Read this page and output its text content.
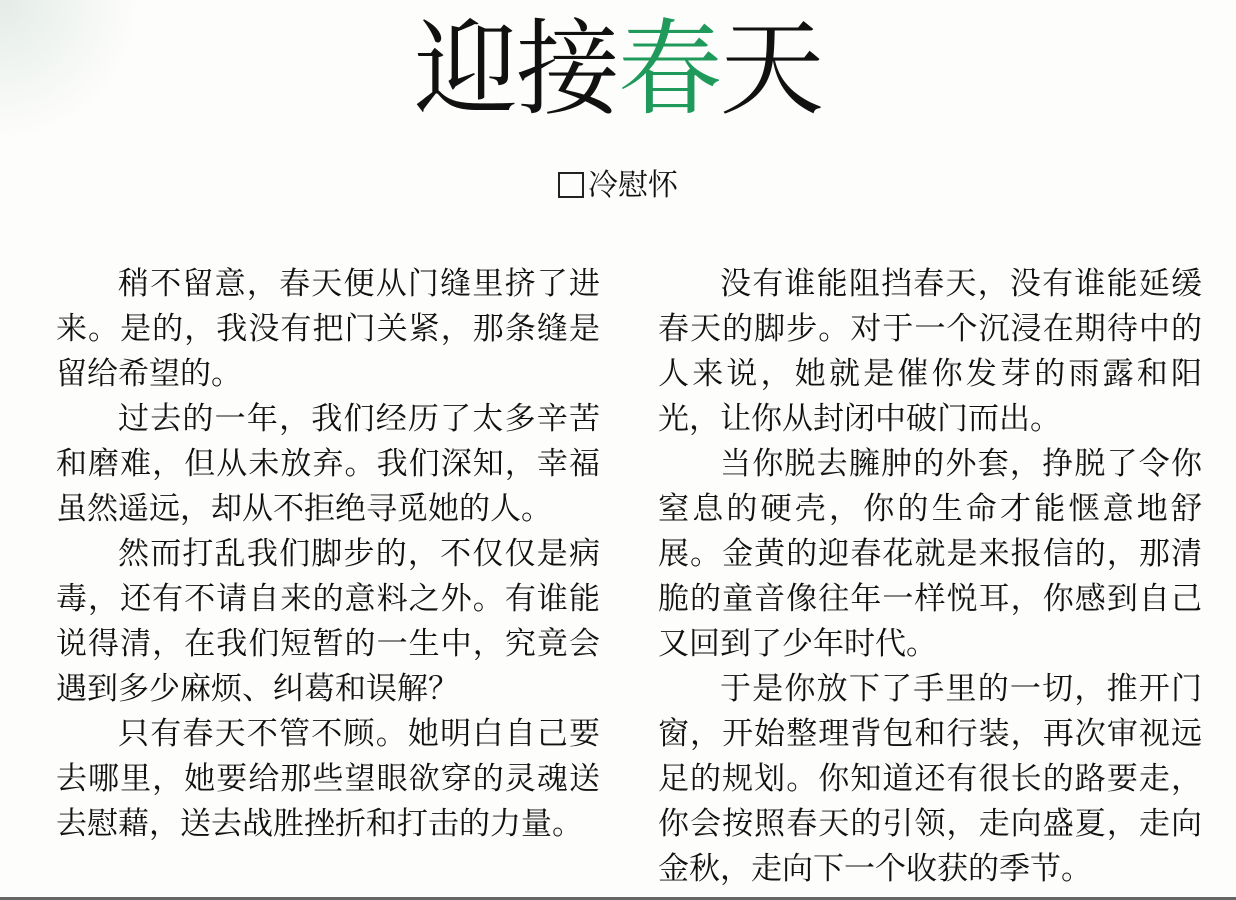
迎接春天
冷慰怀

稍不留意，春天便从门缝里挤了进来。是的，我没有把门关紧，那条缝是留给希望的。

过去的一年，我们经历了太多辛苦和磨难，但从未放弃。我们深知，幸福虽然遥远，却从不拒绝寻觅她的人。

然而打乱我们脚步的，不仅仅是病毒，还有不请自来的意料之外。有谁能说得清，在我们短暂的一生中，究竟会遇到多少麻烦、纠葛和误解？

只有春天不管不顾。她明白自己要去哪里，她要给那些望眼欲穿的灵魂送去慰藉，送去战胜挫折和打击的力量。

没有谁能阻挡春天，没有谁能延缓春天的脚步。对于一个沉浸在期待中的人来说，她就是催你发芽的雨露和阳光，让你从封闭中破门而出。

当你脱去臃肿的外套，挣脱了令你窒息的硬壳，你的生命才能惬意地舒展。金黄的迎春花就是来报信的，那清脆的童音像往年一样悦耳，你感到自己又回到了少年时代。

于是你放下了手里的一切，推开门窗，开始整理背包和行装，再次审视远足的规划。你知道还有很长的路要走，你会按照春天的引领，走向盛夏，走向金秋，走向下一个收获的季节。
